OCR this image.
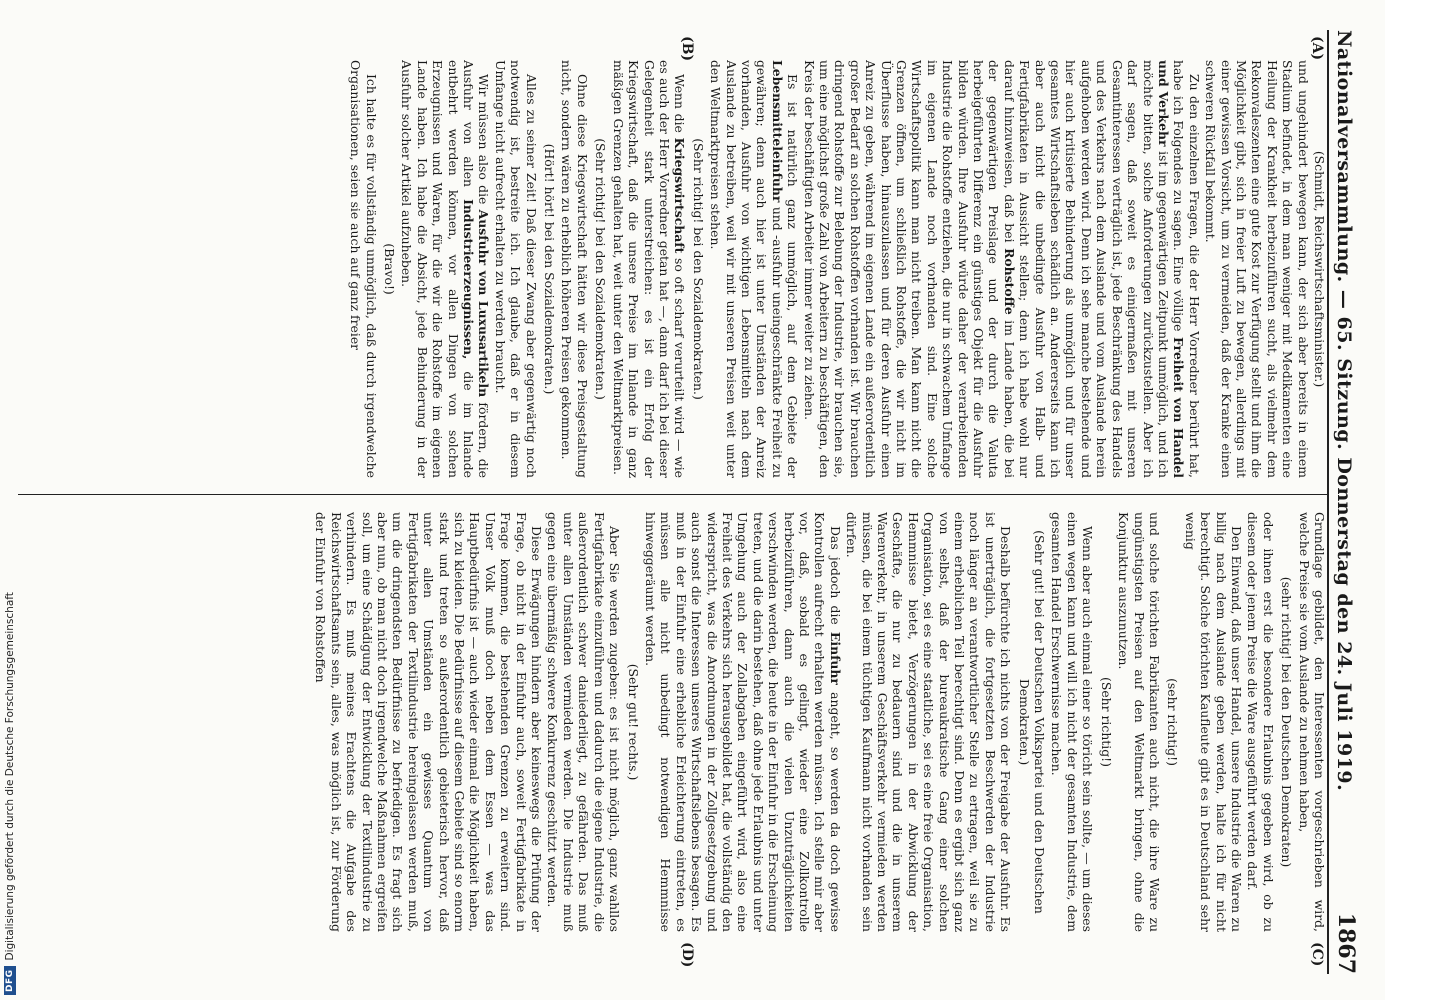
Nationalversammlung. — 65. Sitzung. Donnerstag den 24. Juli 1919.
1867
(A)
(B)
(C)
(D)

(Schmidt, Reichswirtschaftsminister.)

und ungehindert bewegen kann, der sich aber bereits in einem Stadium befindet, in dem man weniger mit Medikamenten eine Heilung der Krankheit herbeizuführen sucht, als vielmehr dem Rekonvaleszenten eine gute Kost zur Verfügung stellt und ihm die Möglichkeit gibt, sich in freier Luft zu bewegen, allerdings mit einer gewissen Vorsicht, um zu vermeiden, daß der Kranke einen schweren Rückfall bekommt.

Zu den einzelnen Fragen, die der Herr Vorredner berührt hat, habe ich Folgendes zu sagen. Eine völlige Freiheit von Handel und Verkehr ist im gegenwärtigen Zeitpunkt unmöglich, und ich möchte bitten, solche Anforderungen zurückzustellen. Aber ich darf sagen, daß soweit es einigermaßen mit unseren Gesamtinteressen verträglich ist, jede Beschränkung des Handels und des Verkehrs nach dem Auslande und vom Auslande herein aufgehoben werden wird. Denn ich sehe manche bestehende und hier auch kritisierte Behinderung als unmöglich und für unser gesamtes Wirtschaftsleben schädlich an. Andererseits kann ich aber auch nicht die unbedingte Ausfuhr von Halb- und Fertigfabrikaten in Aussicht stellen; denn ich habe wohl nur darauf hinzuweisen, daß bei Rohstoffe im Lande haben, die bei der gegenwärtigen Preislage und der durch die Valuta herbeigeführten Differenz ein günstiges Objekt für die Ausfuhr bilden würden. Ihre Ausfuhr würde daher der verarbeitenden Industrie die Rohstoffe entziehen, die nur in schwachem Umfange im eigenen Lande noch vorhanden sind. Eine solche Wirtschaftspolitik kann man nicht treiben. Man kann nicht die Grenzen öffnen, um schließlich Rohstoffe, die wir nicht im Überflusse haben, hinauszulassen und für deren Ausfuhr einen Anreiz zu geben, während im eigenen Lande ein außerordentlich großer Bedarf an solchen Rohstoffen vorhanden ist. Wir brauchen dringend Rohstoffe zur Belebung der Industrie, wir brauchen sie, um eine möglichst große Zahl von Arbeitern zu beschäftigen, den Kreis der beschäftigten Arbeiter immer weiter zu ziehen.

Es ist natürlich ganz unmöglich, auf dem Gebiete der Lebensmitteleinfuhr und -ausfuhr uneingeschränkte Freiheit zu gewähren; denn auch hier ist unter Umständen der Anreiz vorhanden, Ausfuhr von wichtigen Lebensmitteln nach dem Auslande zu betreiben, weil wir mit unseren Preisen weit unter den Weltmarktpreisen stehen.

(Sehr richtig! bei den Sozialdemokraten.)

Wenn die Kriegswirtschaft so oft scharf verurteilt wird — wie es auch der Herr Vorredner getan hat —, dann darf ich bei dieser Gelegenheit stark unterstreichen: es ist ein Erfolg der Kriegswirtschaft, daß die unsere Preise im Inlande in ganz mäßigen Grenzen gehalten hat, weit unter den Weltmarktpreisen.

(Sehr richtig! bei den Sozialdemokraten.)

Ohne diese Kriegswirtschaft hätten wir diese Preisgestaltung nicht, sondern wären zu erheblich höheren Preisen gekommen.

(Hört! hört! bei den Sozialdemokraten.)

Alles zu seiner Zeit! Daß dieser Zwang aber gegenwärtig noch notwendig ist, bestreite ich. Ich glaube, daß er in diesem Umfange nicht aufrecht erhalten zu werden braucht.

Wir müssen also die Ausfuhr von Luxusartikeln fördern, die Ausfuhr von allen Industrieerzeugnissen, die im Inlande entbehrt werden können, vor allen Dingen von solchen Erzeugnissen und Waren, für die wir die Rohstoffe im eigenen Lande haben. Ich habe die Absicht, jede Behinderung in der Ausfuhr solcher Artikel aufzuheben.

(Bravo!)

Ich halte es für vollständig unmöglich, daß durch irgendwelche Organisationen, seien sie auch auf ganz freier

Grundlage gebildet, den Interessenten vorgeschrieben wird, welche Preise sie vom Auslande zu nehmen haben,

(sehr richtig! bei den Deutschen Demokraten)

oder ihnen erst die besondere Erlaubnis gegeben wird, ob zu diesem oder jenem Preise die Ware ausgeführt werden darf.

Den Einwand, daß unser Handel, unsere Industrie die Waren zu billig nach dem Auslande geben werden, halte ich für nicht berechtigt. Solche törichten Kaufleute gibt es in Deutschland sehr wenig

(sehr richtig!)

und solche törichten Fabrikanten auch nicht, die ihre Ware zu ungünstigsten Preisen auf den Weltmarkt bringen, ohne die Konjunktur auszunutzen.

(Sehr richtig!)

Wenn aber auch einmal einer so töricht sein sollte, — um dieses einen wegen kann und will ich nicht der gesamten Industrie, dem gesamten Handel Erschwernisse machen.

(Sehr gut! bei der Deutschen Volkspartei und den Deutschen Demokraten.)

Deshalb befürchte ich nichts von der Freigabe der Ausfuhr. Es ist unerträglich, die fortgesetzten Beschwerden der Industrie noch länger an verantwortlicher Stelle zu ertragen, weil sie zu einem erheblichen Teil berechtigt sind. Denn es ergibt sich ganz von selbst, daß der bureaukratische Gang einer solchen Organisation, sei es eine staatliche, sei es eine freie Organisation, Hemmnisse bietet, Verzögerungen in der Abwicklung der Geschäfte, die nur zu bedauern sind und die in unserem Warenverkehr, in unserem Geschäftsverkehr vermieden werden müssen, die bei einem tüchtigen Kaufmann nicht vorhanden sein dürfen.

Das jedoch die Einfuhr angeht, so werden da doch gewisse Kontrollen aufrecht erhalten werden müssen. Ich stelle mir aber vor, daß, sobald es gelingt, wieder eine Zollkontrolle herbeizuführen, dann auch die vielen Unzuträglichkeiten verschwinden werden, die heute in der Einfuhr in die Erscheinung treten, und die darin bestehen, daß ohne jede Erlaubnis und unter Umgehung auch der Zollabgaben eingeführt wird, also eine Freiheit des Verkehrs sich herausgebildet hat, die vollständig den widerspricht, was die Anordnungen in der Zollgesetzgebung und auch sonst die Interessen unseres Wirtschaftslebens besagen. Es muß in der Einfuhr eine erhebliche Erleichterung eintreten, es müssen alle nicht unbedingt notwendigen Hemmnisse hinweggeräumt werden.

(Sehr gut! rechts.)

Aber Sie werden zugeben: es ist nicht möglich, ganz wahllos Fertigfabrikate einzuführen und dadurch die eigene Industrie, die außerordentlich schwer daniederliegt, zu gefährden. Das muß unter allen Umständen vermieden werden. Die Industrie muß gegen eine übermäßig schwere Konkurrenz geschützt werden.

Diese Erwägungen hindern aber keineswegs die Prüfung der Frage, ob nicht in der Einfuhr auch, soweit Fertigfabrikate in Frage kommen, die bestehenden Grenzen zu erweitern sind. Unser Volk muß doch neben dem Essen — was das Hauptbedürfnis ist — auch wieder einmal die Möglichkeit haben, sich zu kleiden. Die Bedürfnisse auf diesem Gebiete sind so enorm stark und treten so außerordentlich gebieterisch hervor, daß unter allen Umständen ein gewisses Quantum von Fertigfabrikaten der Textilindustrie hereingelassen werden muß, um die dringendsten Bedürfnisse zu befriedigen. Es fragt sich aber nun, ob man nicht doch irgendwelche Maßnahmen ergreifen soll, um eine Schädigung der Entwicklung der Textilindustrie zu verhindern. Es muß meines Erachtens die Aufgabe des Reichswirtschaftsamts sein, alles, was möglich ist, zur Förderung der Einfuhr von Rohstoffen

DFG
Digitalisierung gefördert durch die Deutsche Forschungsgemeinschaft
